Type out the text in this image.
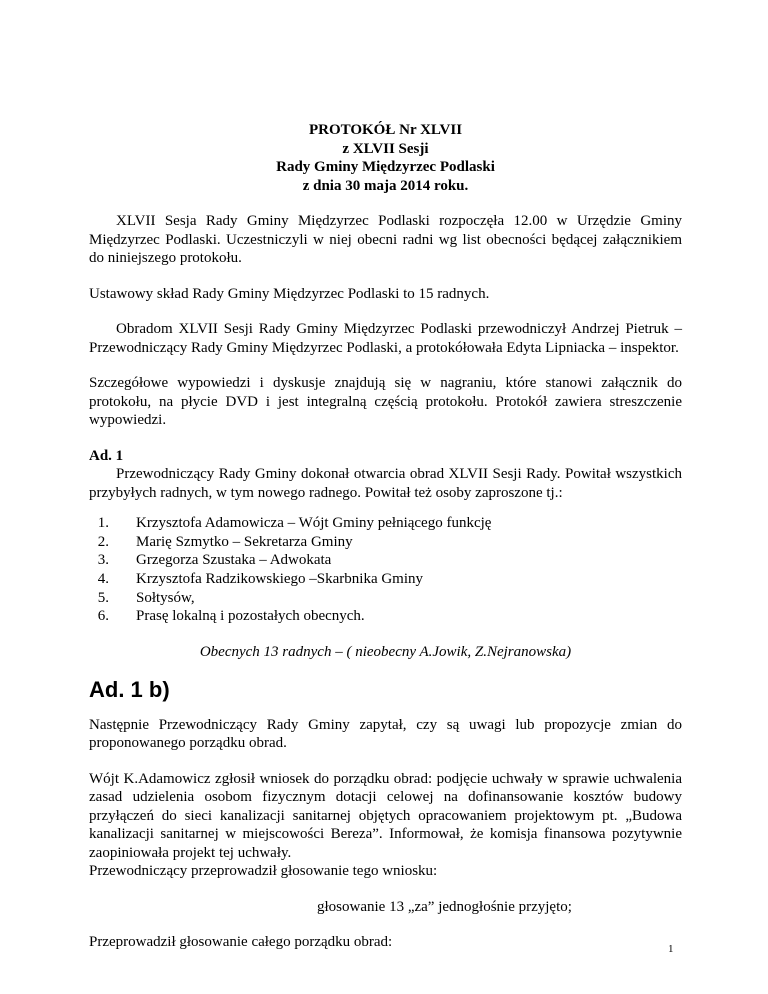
PROTOKÓŁ Nr XLVII
z XLVII Sesji
Rady Gminy Międzyrzec Podlaski
z dnia 30 maja 2014 roku.

XLVII Sesja Rady Gminy Międzyrzec Podlaski rozpoczęła 12.00 w Urzędzie Gminy Międzyrzec Podlaski. Uczestniczyli w niej obecni radni wg list obecności będącej załącznikiem do niniejszego protokołu.

Ustawowy skład Rady Gminy Międzyrzec Podlaski to 15 radnych.

Obradom XLVII Sesji Rady Gminy Międzyrzec Podlaski przewodniczył Andrzej Pietruk – Przewodniczący Rady Gminy Międzyrzec Podlaski, a protokółowała Edyta Lipniacka – inspektor.

Szczegółowe wypowiedzi i dyskusje znajdują się w nagraniu, które stanowi załącznik do protokołu, na płycie DVD i jest integralną częścią protokołu. Protokół zawiera streszczenie wypowiedzi.

Ad. 1

Przewodniczący Rady Gminy dokonał otwarcia obrad XLVII Sesji Rady. Powitał wszystkich przybyłych radnych, w tym nowego radnego. Powitał też osoby zaproszone tj.:

1. Krzysztofa Adamowicza – Wójt Gminy pełniącego funkcję
2. Marię Szmytko – Sekretarza Gminy
3. Grzegorza Szustaka – Adwokata
4. Krzysztofa Radzikowskiego –Skarbnika Gminy
5. Sołtysów,
6. Prasę lokalną i pozostałych obecnych.

Obecnych 13 radnych – ( nieobecny A.Jowik, Z.Nejranowska)

Ad. 1 b)

Następnie Przewodniczący Rady Gminy zapytał, czy są uwagi lub propozycje zmian do proponowanego porządku obrad.

Wójt K.Adamowicz zgłosił wniosek do porządku obrad: podjęcie uchwały w sprawie uchwalenia zasad udzielenia osobom fizycznym dotacji celowej na dofinansowanie kosztów budowy przyłączeń do sieci kanalizacji sanitarnej objętych opracowaniem projektowym pt. „Budowa kanalizacji sanitarnej w miejscowości Bereza”. Informował, że komisja finansowa pozytywnie zaopiniowała projekt tej uchwały.

Przewodniczący przeprowadził głosowanie tego wniosku:

głosowanie 13 „za” jednogłośnie przyjęto;

Przeprowadził głosowanie całego porządku obrad:	1
